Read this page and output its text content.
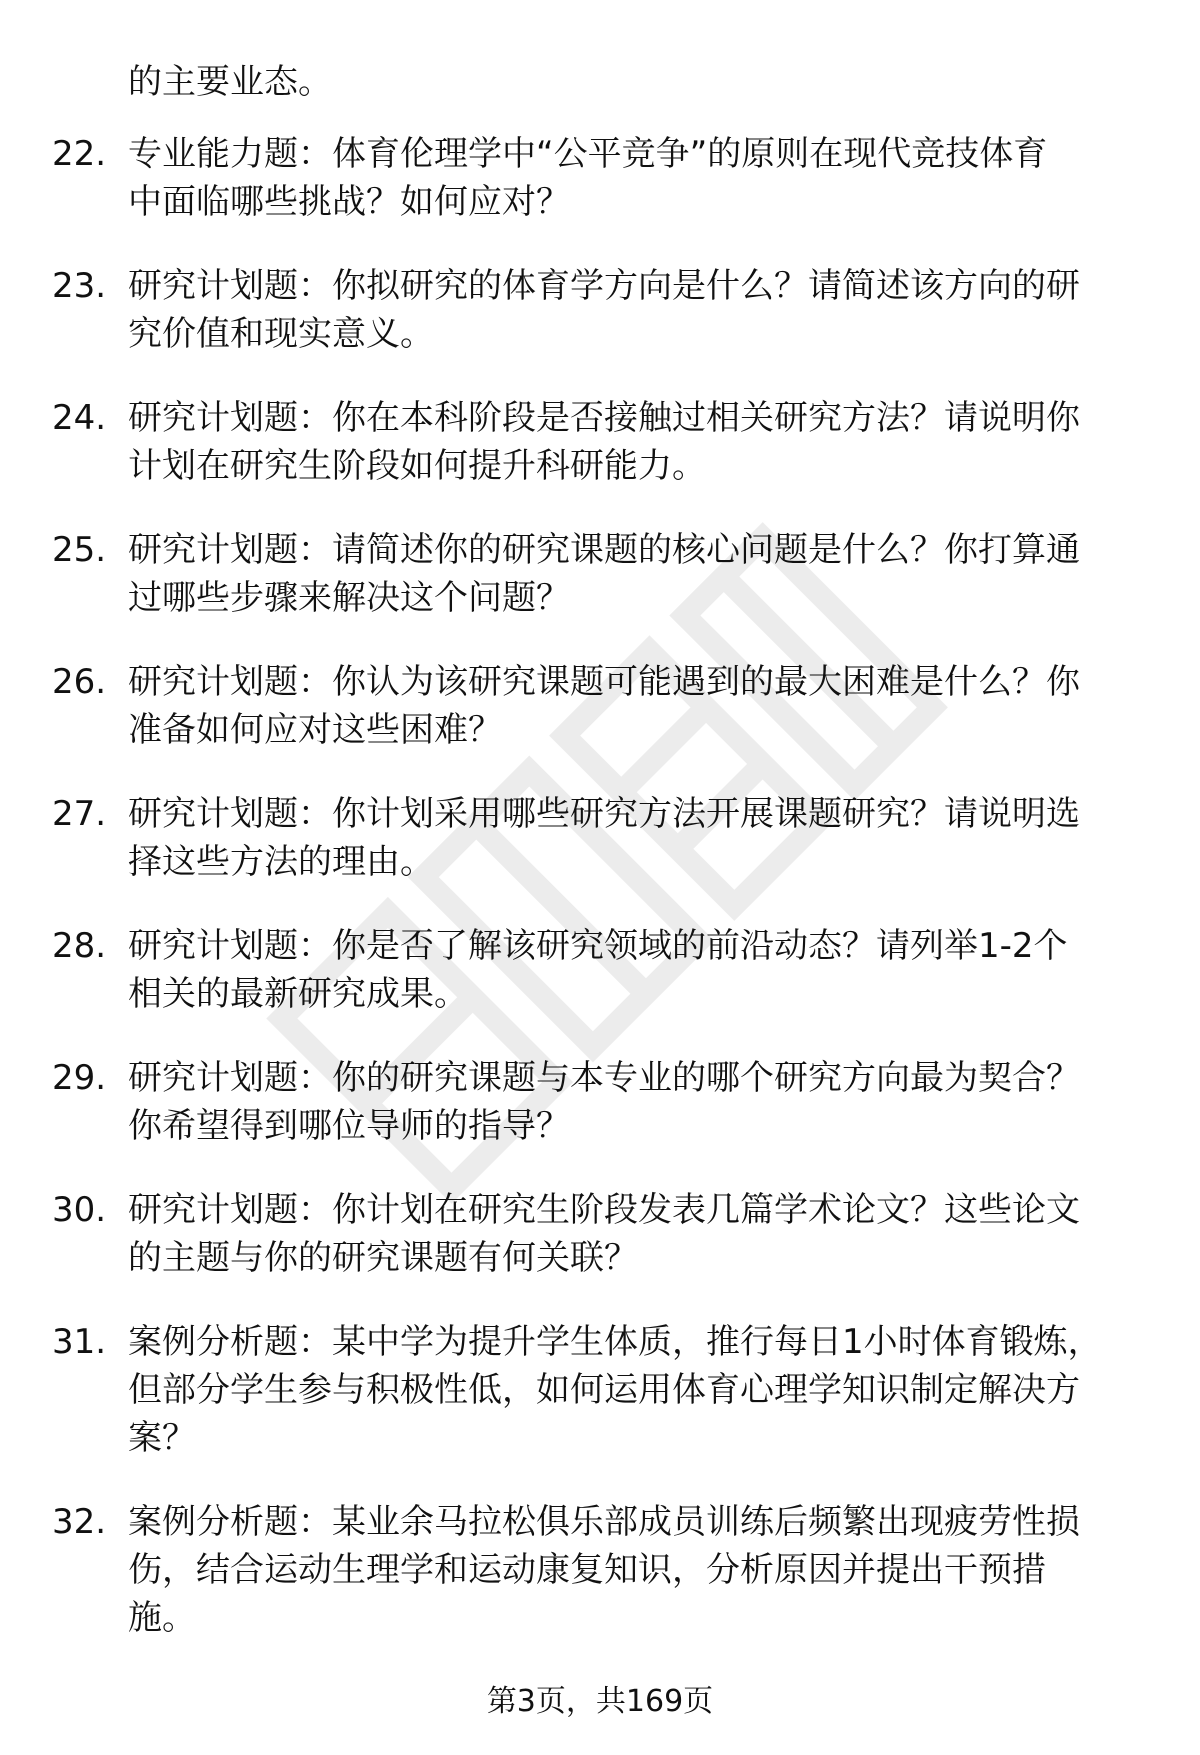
的主要业态。
22. 专业能力题：体育伦理学中“公平竞争”的原则在现代竞技体育
中面临哪些挑战？如何应对？
23. 研究计划题：你拟研究的体育学方向是什么？请简述该方向的研
究价值和现实意义。
24. 研究计划题：你在本科阶段是否接触过相关研究方法？请说明你
计划在研究生阶段如何提升科研能力。
25. 研究计划题：请简述你的研究课题的核心问题是什么？你打算通
过哪些步骤来解决这个问题？
26. 研究计划题：你认为该研究课题可能遇到的最大困难是什么？你
准备如何应对这些困难？
27. 研究计划题：你计划采用哪些研究方法开展课题研究？请说明选
择这些方法的理由。
28. 研究计划题：你是否了解该研究领域的前沿动态？请列举1-2个
相关的最新研究成果。
29. 研究计划题：你的研究课题与本专业的哪个研究方向最为契合？
你希望得到哪位导师的指导？
30. 研究计划题：你计划在研究生阶段发表几篇学术论文？这些论文
的主题与你的研究课题有何关联？
31. 案例分析题：某中学为提升学生体质，推行每日1小时体育锻炼，
但部分学生参与积极性低，如何运用体育心理学知识制定解决方
案？
32. 案例分析题：某业余马拉松俱乐部成员训练后频繁出现疲劳性损
伤，结合运动生理学和运动康复知识，分析原因并提出干预措
施。
第3页，共169页
